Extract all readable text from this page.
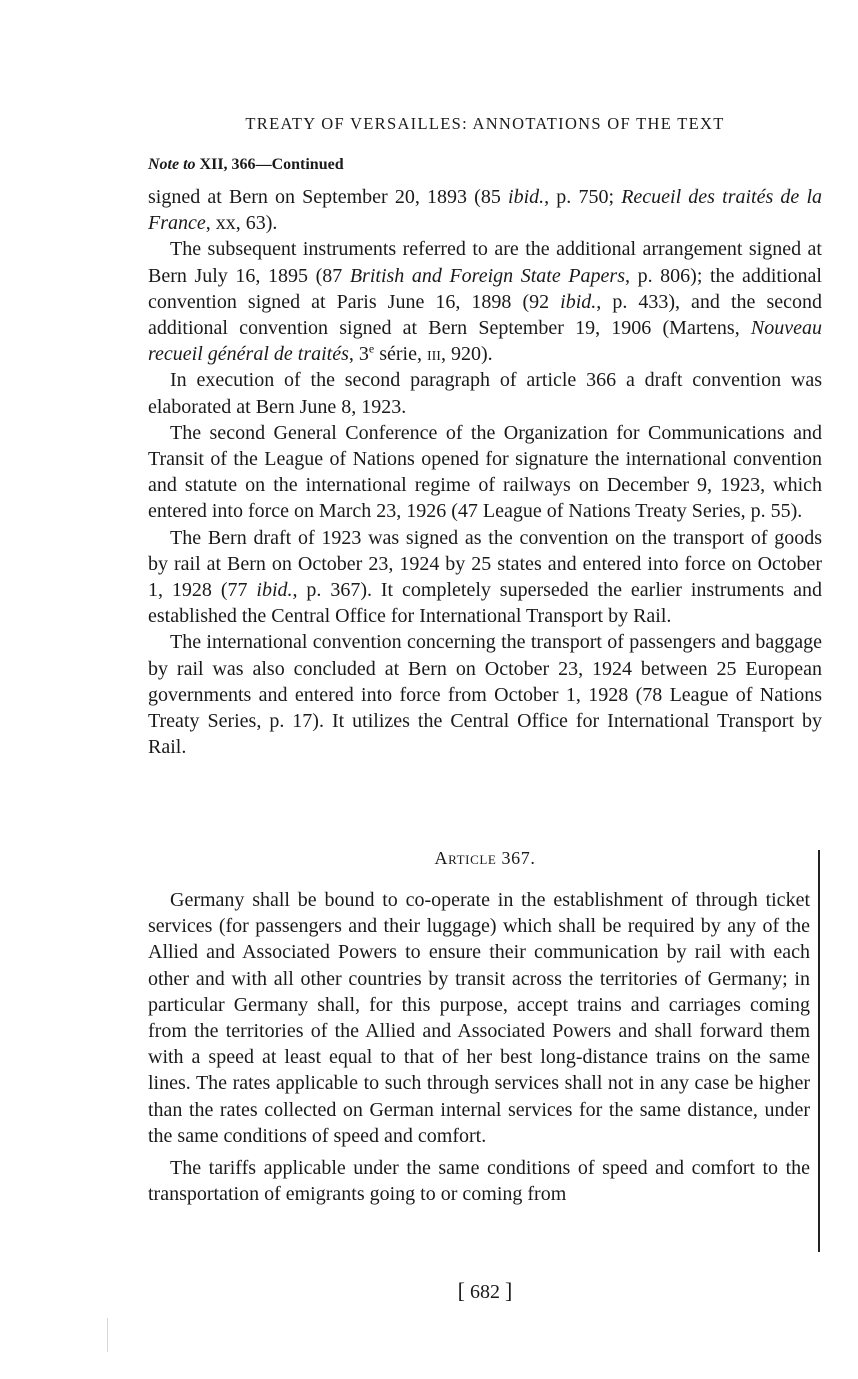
TREATY OF VERSAILLES: ANNOTATIONS OF THE TEXT
Note to XII, 366—Continued

signed at Bern on September 20, 1893 (85 ibid., p. 750; Recueil des traités de la France, xx, 63).

The subsequent instruments referred to are the additional arrangement signed at Bern July 16, 1895 (87 British and Foreign State Papers, p. 806); the additional convention signed at Paris June 16, 1898 (92 ibid., p. 433), and the second additional convention signed at Bern September 19, 1906 (Martens, Nouveau recueil général de traités, 3e série, iii, 920).

In execution of the second paragraph of article 366 a draft convention was elaborated at Bern June 8, 1923.

The second General Conference of the Organization for Communications and Transit of the League of Nations opened for signature the international convention and statute on the international regime of railways on December 9, 1923, which entered into force on March 23, 1926 (47 League of Nations Treaty Series, p. 55).

The Bern draft of 1923 was signed as the convention on the transport of goods by rail at Bern on October 23, 1924 by 25 states and entered into force on October 1, 1928 (77 ibid., p. 367). It completely superseded the earlier instruments and established the Central Office for International Transport by Rail.

The international convention concerning the transport of passengers and baggage by rail was also concluded at Bern on October 23, 1924 between 25 European governments and entered into force from October 1, 1928 (78 League of Nations Treaty Series, p. 17). It utilizes the Central Office for International Transport by Rail.

Article 367.

Germany shall be bound to co-operate in the establishment of through ticket services (for passengers and their luggage) which shall be required by any of the Allied and Associated Powers to ensure their communication by rail with each other and with all other countries by transit across the territories of Germany; in particular Germany shall, for this purpose, accept trains and carriages coming from the territories of the Allied and Associated Powers and shall forward them with a speed at least equal to that of her best long-distance trains on the same lines. The rates applicable to such through services shall not in any case be higher than the rates collected on German internal services for the same distance, under the same conditions of speed and comfort.

The tariffs applicable under the same conditions of speed and comfort to the transportation of emigrants going to or coming from

[ 682 ]
